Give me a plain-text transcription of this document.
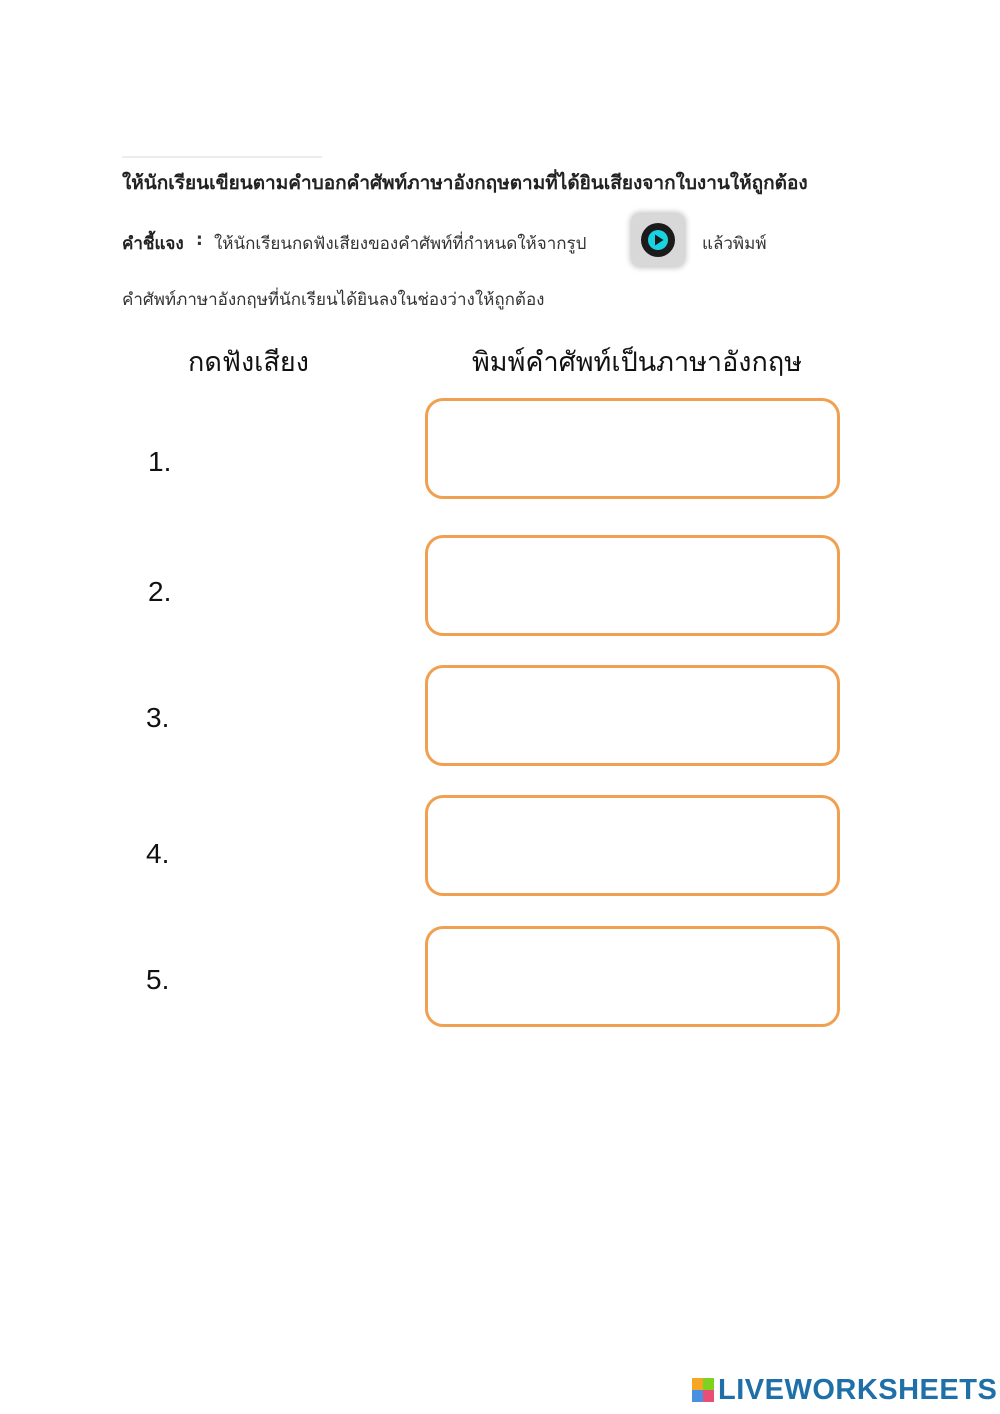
ให้นักเรียนเขียนตามคำบอกคำศัพท์ภาษาอังกฤษตามที่ได้ยินเสียงจากใบงานให้ถูกต้อง
คำชี้แจง : ให้นักเรียนกดฟังเสียงของคำศัพท์ที่กำหนดให้จากรูป	แล้วพิมพ์
คำศัพท์ภาษาอังกฤษที่นักเรียนได้ยินลงในช่องว่างให้ถูกต้อง
กดฟังเสียง	พิมพ์คำศัพท์เป็นภาษาอังกฤษ
1.
2.
3.
4.
5.
LIVEWORKSHEETS
